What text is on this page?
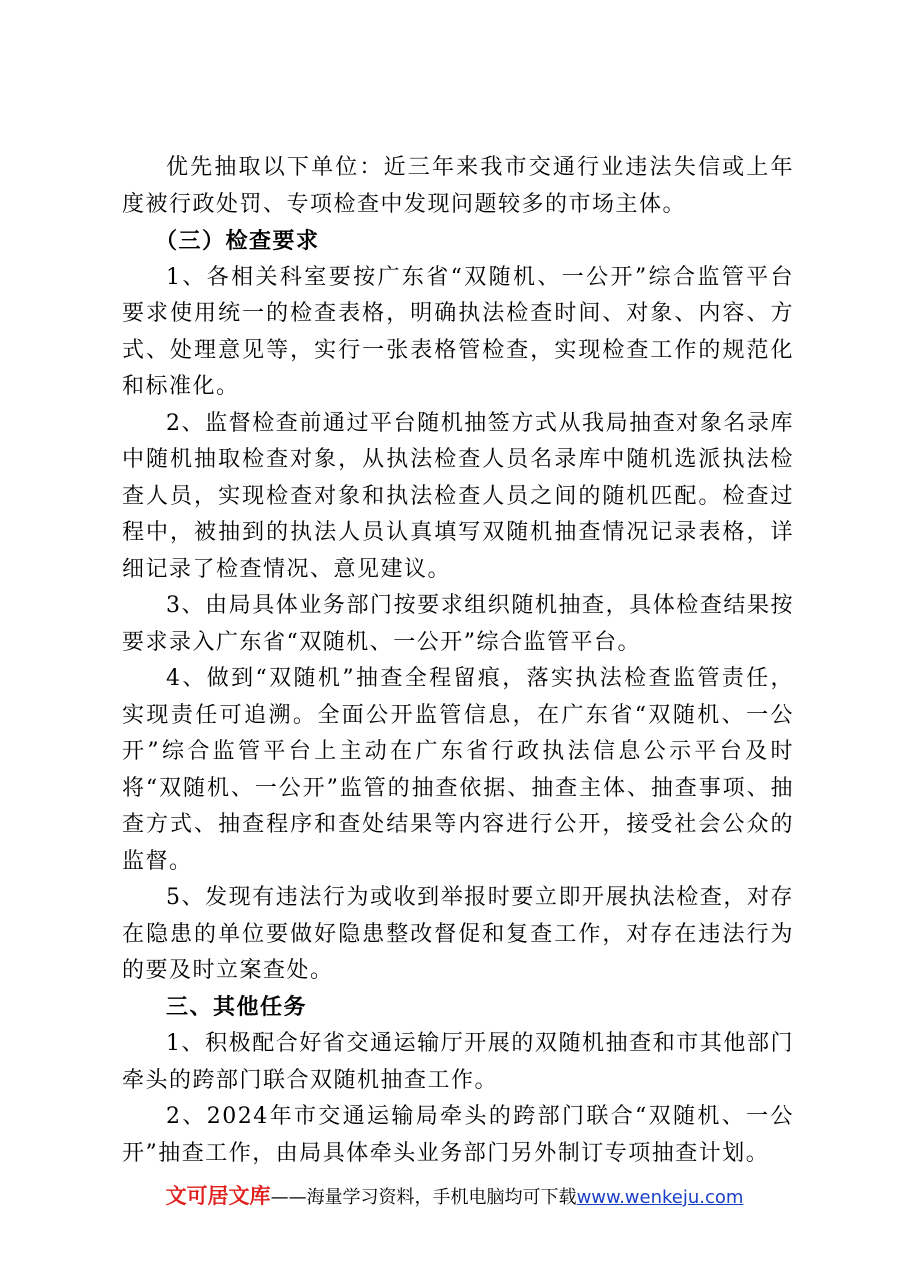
优先抽取以下单位：近三年来我市交通行业违法失信或上年度被行政处罚、专项检查中发现问题较多的市场主体。

（三）检查要求

1、各相关科室要按广东省“双随机、一公开”综合监管平台要求使用统一的检查表格，明确执法检查时间、对象、内容、方式、处理意见等，实行一张表格管检查，实现检查工作的规范化和标准化。

2、监督检查前通过平台随机抽签方式从我局抽查对象名录库中随机抽取检查对象，从执法检查人员名录库中随机选派执法检查人员，实现检查对象和执法检查人员之间的随机匹配。检查过程中，被抽到的执法人员认真填写双随机抽查情况记录表格，详细记录了检查情况、意见建议。

3、由局具体业务部门按要求组织随机抽查，具体检查结果按要求录入广东省“双随机、一公开”综合监管平台。

4、做到“双随机”抽查全程留痕，落实执法检查监管责任，实现责任可追溯。全面公开监管信息，在广东省“双随机、一公开”综合监管平台上主动在广东省行政执法信息公示平台及时将“双随机、一公开”监管的抽查依据、抽查主体、抽查事项、抽查方式、抽查程序和查处结果等内容进行公开，接受社会公众的监督。

5、发现有违法行为或收到举报时要立即开展执法检查，对存在隐患的单位要做好隐患整改督促和复查工作，对存在违法行为的要及时立案查处。

三、其他任务

1、积极配合好省交通运输厅开展的双随机抽查和市其他部门牵头的跨部门联合双随机抽查工作。

2、2024年市交通运输局牵头的跨部门联合“双随机、一公开”抽查工作，由局具体牵头业务部门另外制订专项抽查计划。

文可居文库——海量学习资料，手机电脑均可下载www.wenkeju.com
